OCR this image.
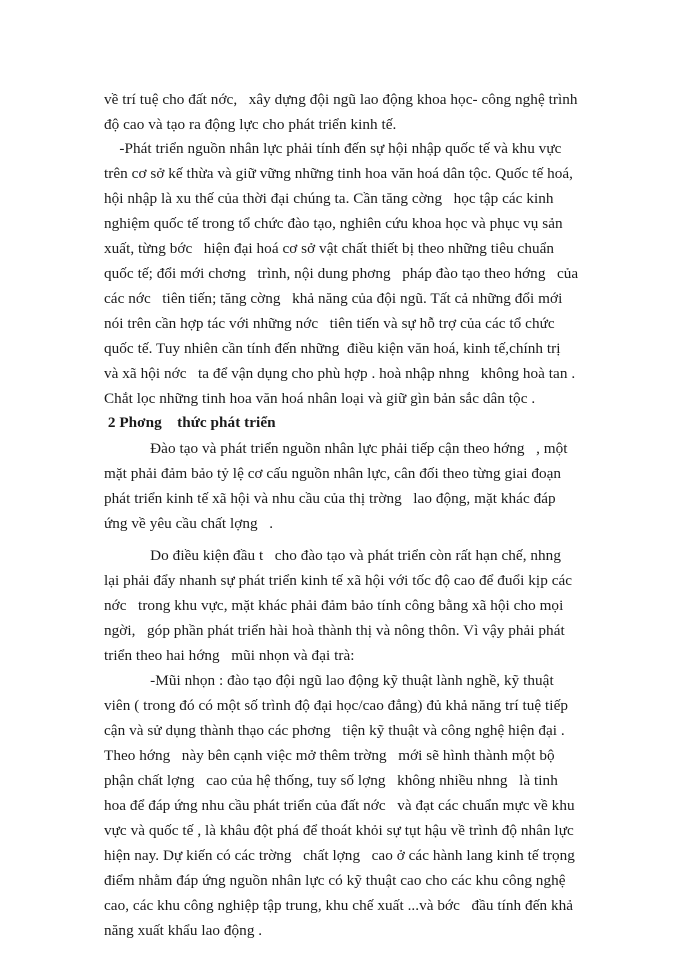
về trí tuệ cho đất nớc,   xây dựng đội ngũ lao động khoa học- công nghệ trình
độ cao và tạo ra động lực cho phát triển kinh tế.
-Phát triển nguồn nhân lực phải tính đến sự hội nhập quốc tế và khu vực
trên cơ sở kế thừa và giữ vững những tinh hoa văn hoá dân tộc. Quốc tế hoá,
hội nhập là xu thế của thời đại chúng ta. Cần tăng cờng   học tập các kinh
nghiệm quốc tế trong tổ chức đào tạo, nghiên cứu khoa học và phục vụ sản
xuất, từng bớc   hiện đại hoá cơ sở vật chất thiết bị theo những tiêu chuẩn
quốc tế; đổi mới chơng   trình, nội dung phơng   pháp đào tạo theo hớng   của
các nớc   tiên tiến; tăng cờng   khả năng của đội ngũ. Tất cả những đổi mới
nói trên cần hợp tác với những nớc   tiên tiến và sự hỗ trợ của các tổ chức
quốc tế. Tuy nhiên cần tính đến những  điều kiện văn hoá, kinh tế,chính trị
và xã hội nớc   ta để vận dụng cho phù hợp . hoà nhập nhng   không hoà tan .
Chắt lọc những tinh hoa văn hoá nhân loại và giữ gìn bản sắc dân tộc .
2 Phơng    thức phát triển
Đào tạo và phát triển nguồn nhân lực phải tiếp cận theo hớng   , một
mặt phải đảm bảo tỷ lệ cơ cấu nguồn nhân lực, cân đối theo từng giai đoạn
phát triển kinh tế xã hội và nhu cầu của thị trờng   lao động, mặt khác đáp
ứng về yêu cầu chất lợng   .
Do điều kiện đầu t   cho đào tạo và phát triển còn rất hạn chế, nhng
lại phải đẩy nhanh sự phát triển kinh tế xã hội với tốc độ cao để đuổi kịp các
nớc   trong khu vực, mặt khác phải đảm bảo tính công bằng xã hội cho mọi
ngời,   góp phần phát triển hài hoà thành thị và nông thôn. Vì vậy phải phát
triển theo hai hớng   mũi nhọn và đại trà:
-Mũi nhọn : đào tạo đội ngũ lao động kỹ thuật lành nghề, kỹ thuật
viên ( trong đó có một số trình độ đại học/cao đẳng) đủ khả năng trí tuệ tiếp
cận và sử dụng thành thạo các phơng   tiện kỹ thuật và công nghệ hiện đại .
Theo hớng   này bên cạnh việc mở thêm trờng   mới sẽ hình thành một bộ
phận chất lợng   cao của hệ thống, tuy số lợng   không nhiều nhng   là tinh
hoa để đáp ứng nhu cầu phát triển của đất nớc   và đạt các chuẩn mực về khu
vực và quốc tế , là khâu đột phá để thoát khỏi sự tụt hậu về trình độ nhân lực
hiện nay. Dự kiến có các trờng   chất lợng   cao ở các hành lang kinh tế trọng
điểm nhằm đáp ứng nguồn nhân lực có kỹ thuật cao cho các khu công nghệ
cao, các khu công nghiệp tập trung, khu chế xuất ...và bớc   đầu tính đến khả
năng xuất khẩu lao động .
